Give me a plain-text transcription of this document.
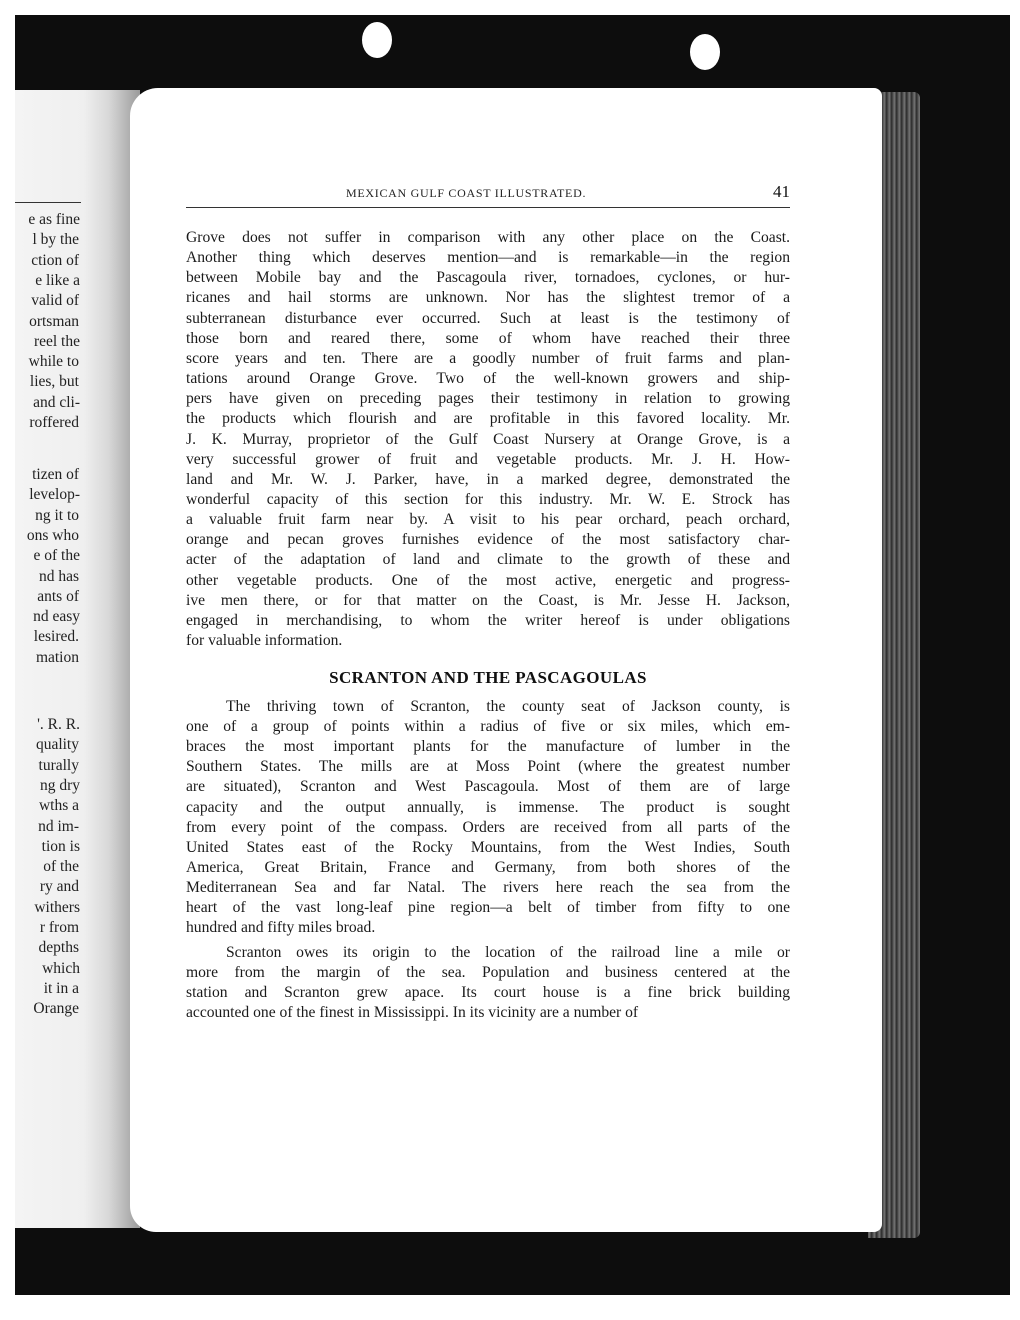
e as fine
l by the
ction of
e like a
valid of
ortsman
reel the
while to
lies, but
and cli-
roffered
tizen of
levelop-
ng it to
ons who
e of the
nd has
ants of
nd easy
lesired.
mation
'. R. R.
quality
turally
ng dry
wths a
nd im-
tion is
of the
ry and
withers
r from
depths
which
it in a
Orange
MEXICAN GULF COAST ILLUSTRATED.	41
Grove does not suffer in comparison with any other place on the Coast.
Another thing which deserves mention—and is remarkable—in the region
between Mobile bay and the Pascagoula river, tornadoes, cyclones, or hur-
ricanes and hail storms are unknown. Nor has the slightest tremor of a
subterranean disturbance ever occurred. Such at least is the testimony of
those born and reared there, some of whom have reached their three
score years and ten. There are a goodly number of fruit farms and plan-
tations around Orange Grove. Two of the well-known growers and ship-
pers have given on preceding pages their testimony in relation to growing
the products which flourish and are profitable in this favored locality. Mr.
J. K. Murray, proprietor of the Gulf Coast Nursery at Orange Grove, is a
very successful grower of fruit and vegetable products. Mr. J. H. How-
land and Mr. W. J. Parker, have, in a marked degree, demonstrated the
wonderful capacity of this section for this industry. Mr. W. E. Strock has
a valuable fruit farm near by. A visit to his pear orchard, peach orchard,
orange and pecan groves furnishes evidence of the most satisfactory char-
acter of the adaptation of land and climate to the growth of these and
other vegetable products. One of the most active, energetic and progress-
ive men there, or for that matter on the Coast, is Mr. Jesse H. Jackson,
engaged in merchandising, to whom the writer hereof is under obligations
for valuable information.
The thriving town of Scranton, the county seat of Jackson county, is
one of a group of points within a radius of five or six miles, which em-
braces the most important plants for the manufacture of lumber in the
Southern States. The mills are at Moss Point (where the greatest number
are situated), Scranton and West Pascagoula. Most of them are of large
capacity and the output annually, is immense. The product is sought
from every point of the compass. Orders are received from all parts of the
United States east of the Rocky Mountains, from the West Indies, South
America, Great Britain, France and Germany, from both shores of the
Mediterranean Sea and far Natal. The rivers here reach the sea from the
heart of the vast long-leaf pine region—a belt of timber from fifty to one
hundred and fifty miles broad.
Scranton owes its origin to the location of the railroad line a mile or
more from the margin of the sea. Population and business centered at the
station and Scranton grew apace. Its court house is a fine brick building
accounted one of the finest in Mississippi. In its vicinity are a number of
SCRANTON AND THE PASCAGOULAS
